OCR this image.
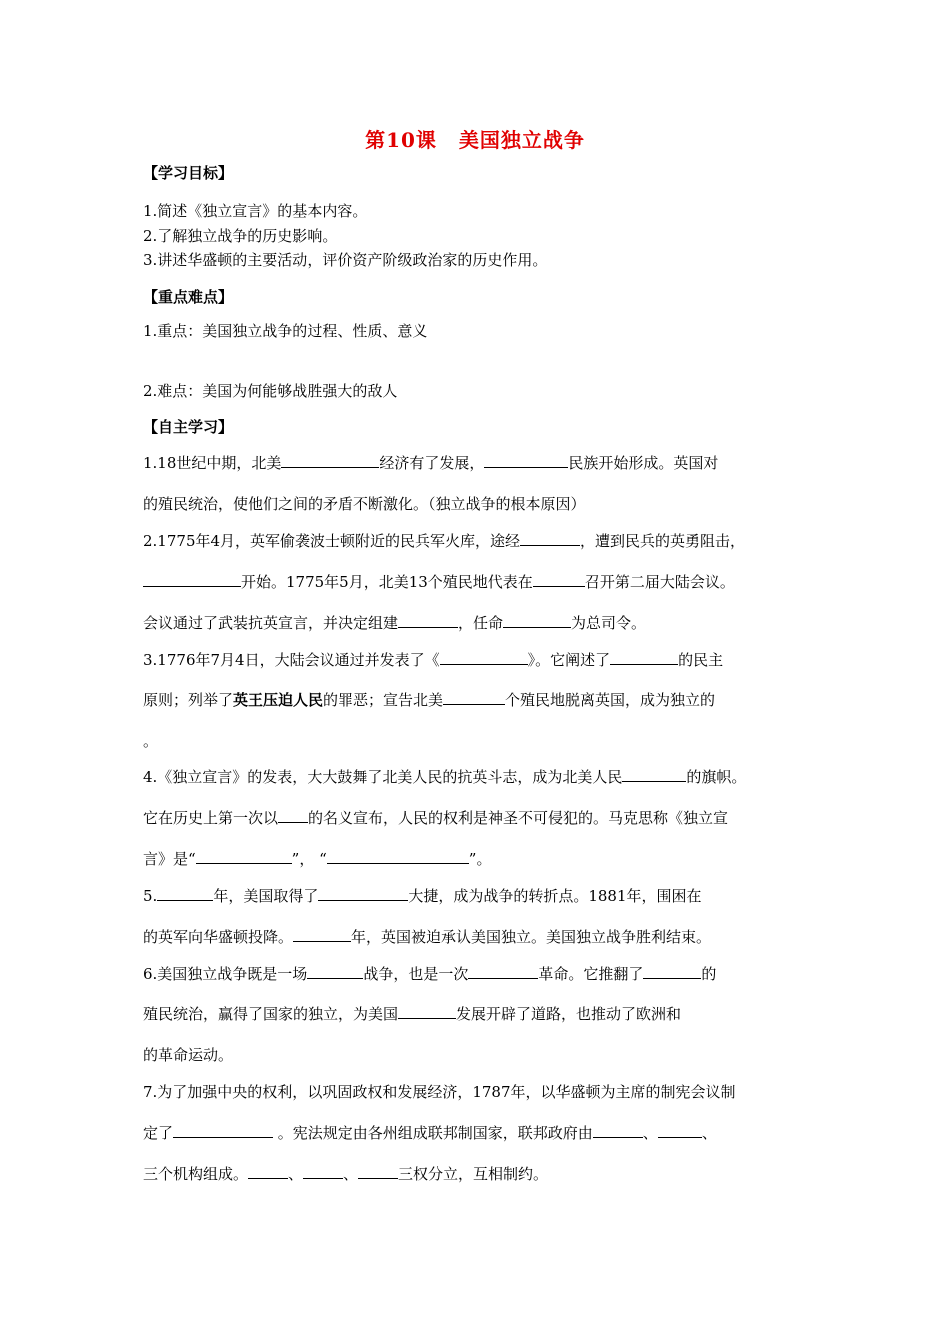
第10课 美国独立战争
【学习目标】
1.简述《独立宣言》的基本内容。
2.了解独立战争的历史影响。
3.讲述华盛顿的主要活动，评价资产阶级政治家的历史作用。
【重点难点】
1.重点：美国独立战争的过程、性质、意义
2.难点：美国为何能够战胜强大的敌人
【自主学习】
1.18世纪中期，北美	经济有了发展，	民族开始形成。英国对
的殖民统治，使他们之间的矛盾不断激化。（独立战争的根本原因）
2.1775年4月，英军偷袭波士顿附近的民兵军火库，途经	，遭到民兵的英勇阻击，
开始。1775年5月，北美13个殖民地代表在	召开第二届大陆会议。
会议通过了武装抗英宣言，并决定组建	，任命	为总司令。
3.1776年7月4日，大陆会议通过并发表了《	》。它阐述了	的民主
原则；列举了英王压迫人民的罪恶；宣告北美	个殖民地脱离英国，成为独立的
。
4.《独立宣言》的发表，大大鼓舞了北美人民的抗英斗志，成为北美人民	的旗帜。
它在历史上第一次以 的名义宣布，人民的权利是神圣不可侵犯的。马克思称《独立宣
言》是“	”， “	”。
5.	年，美国取得了	大捷，成为战争的转折点。1881年，围困在
的英军向华盛顿投降。	年，英国被迫承认美国独立。美国独立战争胜利结束。
6.美国独立战争既是一场	战争，也是一次	革命。它推翻了	的
殖民统治，赢得了国家的独立，为美国	发展开辟了道路，也推动了欧洲和
的革命运动。
7.为了加强中央的权利，以巩固政权和发展经济，1787年，以华盛顿为主席的制宪会议制
定了	。宪法规定由各州组成联邦制国家，联邦政府由	、	、
三个机构组成。	、	、	三权分立，互相制约。
